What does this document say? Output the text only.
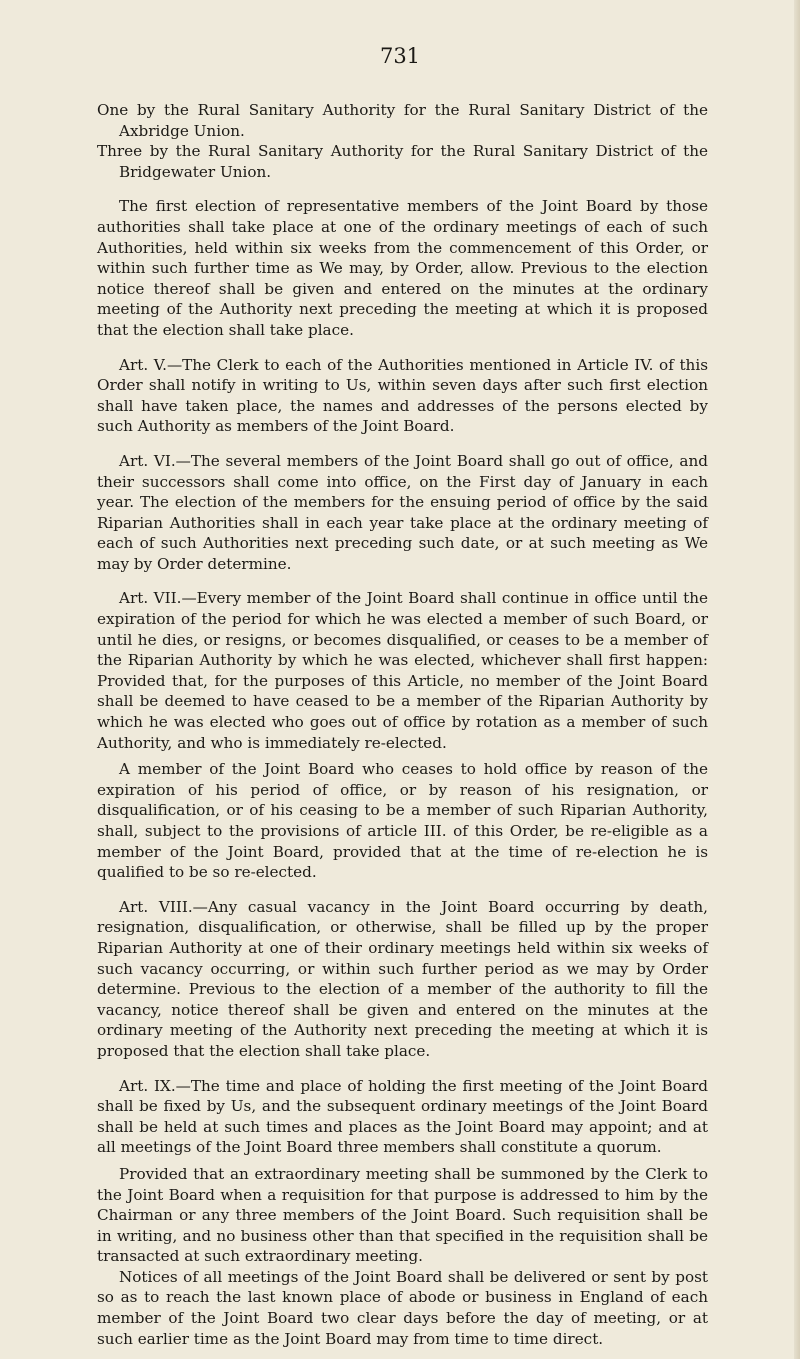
731

One by the Rural Sanitary Authority for the Rural Sanitary District of the Axbridge Union.

Three by the Rural Sanitary Authority for the Rural Sanitary District of the Bridgewater Union.

The first election of representative members of the Joint Board by those authorities shall take place at one of the ordinary meetings of each of such Authorities, held within six weeks from the commencement of this Order, or within such further time as We may, by Order, allow. Previous to the election notice thereof shall be given and entered on the minutes at the ordinary meeting of the Authority next preceding the meeting at which it is proposed that the election shall take place.

Art. V.—The Clerk to each of the Authorities mentioned in Article IV. of this Order shall notify in writing to Us, within seven days after such first election shall have taken place, the names and addresses of the persons elected by such Authority as members of the Joint Board.

Art. VI.—The several members of the Joint Board shall go out of office, and their successors shall come into office, on the First day of January in each year. The election of the members for the ensuing period of office by the said Riparian Authorities shall in each year take place at the ordinary meeting of each of such Authorities next preceding such date, or at such meeting as We may by Order determine.

Art. VII.—Every member of the Joint Board shall continue in office until the expiration of the period for which he was elected a member of such Board, or until he dies, or resigns, or becomes disqualified, or ceases to be a member of the Riparian Authority by which he was elected, whichever shall first happen: Provided that, for the purposes of this Article, no member of the Joint Board shall be deemed to have ceased to be a member of the Riparian Authority by which he was elected who goes out of office by rotation as a member of such Authority, and who is immediately re-elected.

A member of the Joint Board who ceases to hold office by reason of the expiration of his period of office, or by reason of his resignation, or disqualification, or of his ceasing to be a member of such Riparian Authority, shall, subject to the provisions of article III. of this Order, be re-eligible as a member of the Joint Board, provided that at the time of re-election he is qualified to be so re-elected.

Art. VIII.—Any casual vacancy in the Joint Board occurring by death, resignation, disqualification, or otherwise, shall be filled up by the proper Riparian Authority at one of their ordinary meetings held within six weeks of such vacancy occurring, or within such further period as we may by Order determine. Previous to the election of a member of the authority to fill the vacancy, notice thereof shall be given and entered on the minutes at the ordinary meeting of the Authority next preceding the meeting at which it is proposed that the election shall take place.

Art. IX.—The time and place of holding the first meeting of the Joint Board shall be fixed by Us, and the subsequent ordinary meetings of the Joint Board shall be held at such times and places as the Joint Board may appoint; and at all meetings of the Joint Board three members shall constitute a quorum.

Provided that an extraordinary meeting shall be summoned by the Clerk to the Joint Board when a requisition for that purpose is addressed to him by the Chairman or any three members of the Joint Board. Such requisition shall be in writing, and no business other than that specified in the requisition shall be transacted at such extraordinary meeting.

Notices of all meetings of the Joint Board shall be delivered or sent by post so as to reach the last known place of abode or business in England of each member of the Joint Board two clear days before the day of meeting, or at such earlier time as the Joint Board may from time to time direct.
